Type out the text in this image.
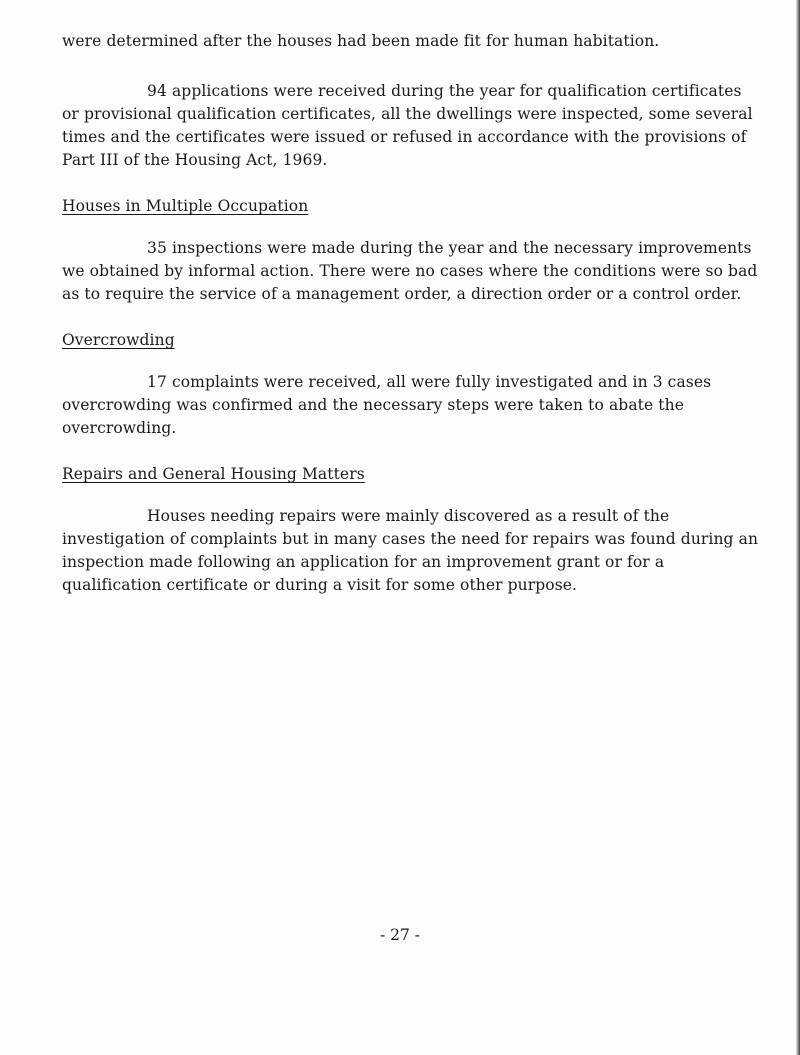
were determined after the houses had been made fit for human habitation.

94 applications were received during the year for qualification certificates or provisional qualification certificates, all the dwellings were inspected, some several times and the certificates were issued or refused in accordance with the provisions of Part III of the Housing Act, 1969.

Houses in Multiple Occupation

35 inspections were made during the year and the necessary improvements we obtained by informal action. There were no cases where the conditions were so bad as to require the service of a management order, a direction order or a control order.

Overcrowding

17 complaints were received, all were fully investigated and in 3 cases overcrowding was confirmed and the necessary steps were taken to abate the overcrowding.

Repairs and General Housing Matters

Houses needing repairs were mainly discovered as a result of the investigation of complaints but in many cases the need for repairs was found during an inspection made following an application for an improvement grant or for a qualification certificate or during a visit for some other purpose.

- 27 -
